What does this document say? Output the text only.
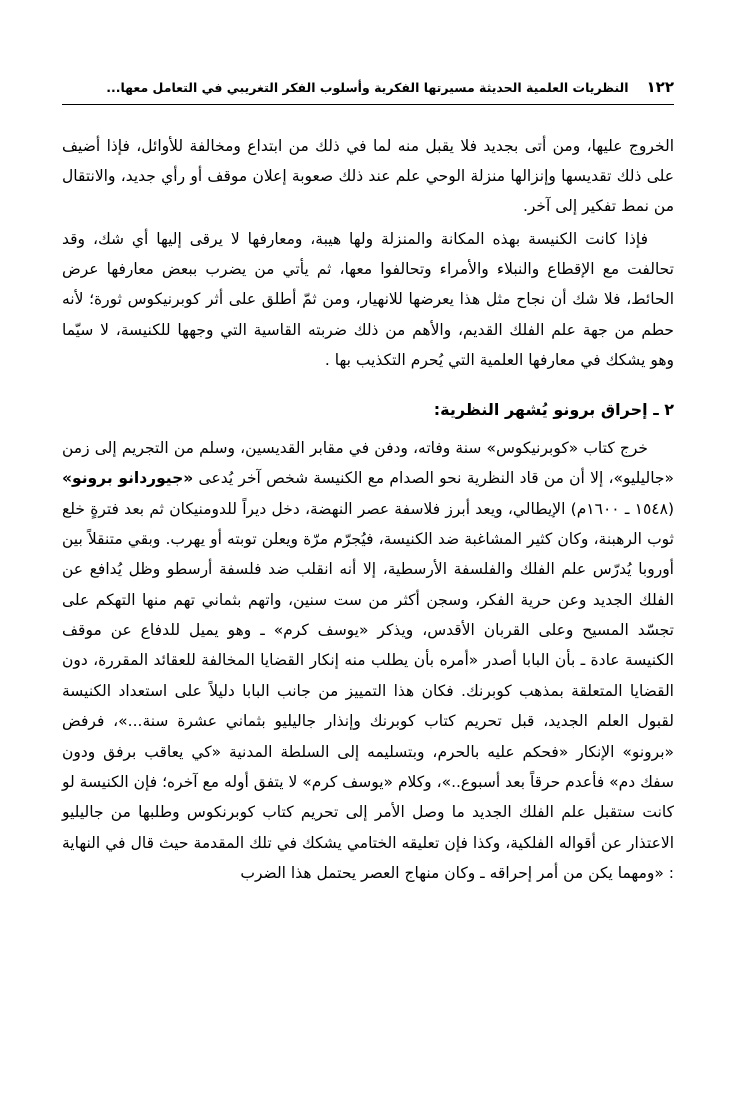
١٢٢
النظريات العلمية الحديثة مسيرتها الفكرية وأسلوب الفكر التغريبي في التعامل معها...

الخروج عليها، ومن أتى بجديد فلا يقبل منه لما في ذلك من ابتداع ومخالفة للأوائل، فإذا أضيف على ذلك تقديسها وإنزالها منزلة الوحي علم عند ذلك صعوبة إعلان موقف أو رأي جديد، والانتقال من نمط تفكير إلى آخر.

فإذا كانت الكنيسة بهذه المكانة والمنزلة ولها هيبة، ومعارفها لا يرقى إليها أي شك، وقد تحالفت مع الإقطاع والنبلاء والأمراء وتحالفوا معها، ثم يأتي من يضرب ببعض معارفها عرض الحائط، فلا شك أن نجاح مثل هذا يعرضها للانهيار، ومن ثمّ أطلق على أثر كوبرنيكوس ثورة؛ لأنه حطم من جهة علم الفلك القديم، والأهم من ذلك ضربته القاسية التي وجهها للكنيسة، لا سيّما وهو يشكك في معارفها العلمية التي يُحرم التكذيب بها .

٢ ـ إحراق برونو يُشهر النظرية:

خرج كتاب «كوبرنيكوس» سنة وفاته، ودفن في مقابر القديسين، وسلم من التجريم إلى زمن «جاليليو»، إلا أن من قاد النظرية نحو الصدام مع الكنيسة شخص آخر يُدعى «جيوردانو برونو» (١٥٤٨ ـ ١٦٠٠م) الإيطالي، ويعد أبرز فلاسفة عصر النهضة، دخل ديراً للدومنيكان ثم بعد فترةٍ خلع ثوب الرهبنة، وكان كثير المشاغبة ضد الكنيسة، فيُجرّم مرّة ويعلن توبته أو يهرب. وبقي متنقلاً بين أوروبا يُدرّس علم الفلك والفلسفة الأرسطية، إلا أنه انقلب ضد فلسفة أرسطو وظل يُدافع عن الفلك الجديد وعن حرية الفكر، وسجن أكثر من ست سنين، واتهم بثماني تهم منها التهكم على تجسّد المسيح وعلى القربان الأقدس، ويذكر «يوسف كرم» ـ وهو يميل للدفاع عن موقف الكنيسة عادة ـ بأن البابا أصدر «أمره بأن يطلب منه إنكار القضايا المخالفة للعقائد المقررة، دون القضايا المتعلقة بمذهب كوبرنك. فكان هذا التمييز من جانب البابا دليلاً على استعداد الكنيسة لقبول العلم الجديد، قبل تحريم كتاب كوبرنك وإنذار جاليليو بثماني عشرة سنة...»، فرفض «برونو» الإنكار «فحكم عليه بالحرم، وبتسليمه إلى السلطة المدنية «كي يعاقب برفق ودون سفك دم» فأعدم حرقاً بعد أسبوع..»، وكلام «يوسف كرم» لا يتفق أوله مع آخره؛ فإن الكنيسة لو كانت ستقبل علم الفلك الجديد ما وصل الأمر إلى تحريم كتاب كوبرنكوس وطلبها من جاليليو الاعتذار عن أقواله الفلكية، وكذا فإن تعليقه الختامي يشكك في تلك المقدمة حيث قال في النهاية : «ومهما يكن من أمر إحراقه ـ وكان منهاج العصر يحتمل هذا الضرب
